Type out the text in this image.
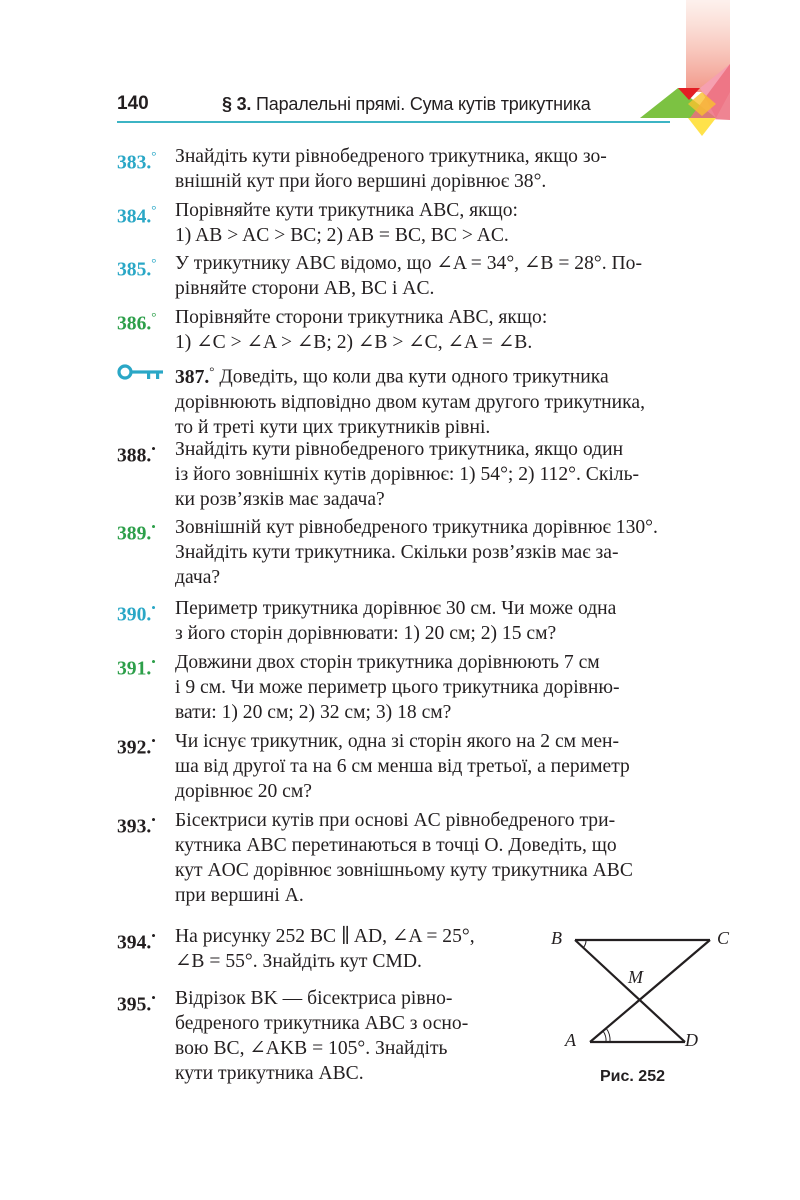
140	§ 3. Паралельні прямі. Сума кутів трикутника
383.° Знайдіть кути рівнобедреного трикутника, якщо зо-
внішній кут при його вершині дорівнює 38°.
384.° Порівняйте кути трикутника ABC, якщо:
1) AB > AC > BC; 2) AB = BC, BC > AC.
385.° У трикутнику ABC відомо, що ∠A = 34°, ∠B = 28°. По-
рівняйте сторони AB, BC і AC.
386.° Порівняйте сторони трикутника ABC, якщо:
1) ∠C > ∠A > ∠B; 2) ∠B > ∠C, ∠A = ∠B.
387.° Доведіть, що коли два кути одного трикутника
дорівнюють відповідно двом кутам другого трикутника,
то й треті кути цих трикутників рівні.
388.• Знайдіть кути рівнобедреного трикутника, якщо один
із його зовнішніх кутів дорівнює: 1) 54°; 2) 112°. Скіль-
ки розв’язків має задача?
389.• Зовнішній кут рівнобедреного трикутника дорівнює 130°.
Знайдіть кути трикутника. Скільки розв’язків має за-
дача?
390.• Периметр трикутника дорівнює 30 см. Чи може одна
з його сторін дорівнювати: 1) 20 см; 2) 15 см?
391.• Довжини двох сторін трикутника дорівнюють 7 см
і 9 см. Чи може периметр цього трикутника дорівню-
вати: 1) 20 см; 2) 32 см; 3) 18 см?
392.• Чи існує трикутник, одна зі сторін якого на 2 см мен-
ша від другої та на 6 см менша від третьої, а периметр
дорівнює 20 см?
393.• Бісектриси кутів при основі AC рівнобедреного три-
кутника ABC перетинаються в точці O. Доведіть, що
кут AOC дорівнює зовнішньому куту трикутника ABC
при вершині A.
394.• На рисунку 252 BC ∥ AD, ∠A = 25°,
∠B = 55°. Знайдіть кут CMD.
395.• Відрізок BK — бісектриса рівно-
бедреного трикутника ABC з осно-
вою BC, ∠AKB = 105°. Знайдіть
кути трикутника ABC.
B	C
M
A	D
Рис. 252
